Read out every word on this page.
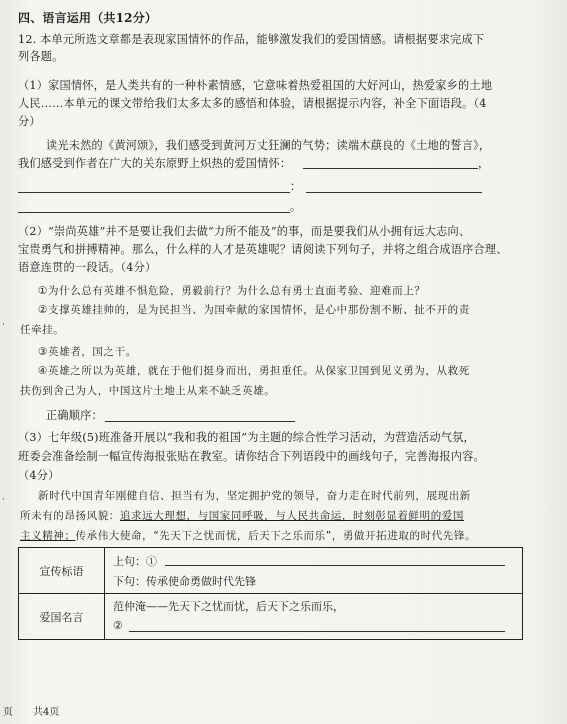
四、语言运用（共12分）
12. 本单元所选文章都是表现家国情怀的作品，能够激发我们的爱国情感。请根据要求完成下
列各题。
（1）家国情怀，是人类共有的一种朴素情感，它意味着热爱祖国的大好河山，热爱家乡的土地
人民……本单元的课文带给我们太多太多的感悟和体验，请根据提示内容，补全下面语段。（4
分）
读光未然的《黄河颂》，我们感受到黄河万丈狂澜的气势；读端木蕻良的《土地的誓言》，
我们感受到作者在广大的关东原野上炽热的爱国情怀：	，
：
。
（2）“崇尚英雄”并不是要让我们去做“力所不能及”的事，而是要我们从小拥有远大志向、
宝贵勇气和拼搏精神。那么，什么样的人才是英雄呢？请阅读下列句子，并将之组合成语序合理、
语意连贯的一段话。（4分）
①为什么总有英雄不惧危险，勇毅前行？为什么总有勇士直面考验、迎难而上？
②支撑英雄挂帅的，是为民担当、为国牵献的家国情怀，是心中那份割不断、扯不开的责
任牵挂。
③英雄者，国之干。
④英雄之所以为英雄，就在于他们挺身而出，勇担重任。从保家卫国到见义勇为，从救死
扶伤到舍己为人，中国这片土地上从来不缺乏英雄。
正确顺序：
（3）七年级(5)班准备开展以“我和我的祖国”为主题的综合性学习活动，为营造活动气氛，
班委会准备绘制一幅宣传海报张贴在教室。请你结合下列语段中的画线句子，完善海报内容。
（4分）
新时代中国青年刚健自信、担当有为，坚定拥护党的领导，奋力走在时代前列，展现出新
所未有的昂扬风貌：追求远大理想，与国家同呼吸，与人民共命运，时刻彰显着鲜明的爱国
主义精神；传承伟大使命，“先天下之忧而忧，后天下之乐而乐”，勇做开拓进取的时代先锋。
宣传标语	上句：①
下句：传承使命勇做时代先锋

爱国名言	范仲淹——先天下之忧而忧，后天下之乐而乐，
②
·
·
页 共4页
